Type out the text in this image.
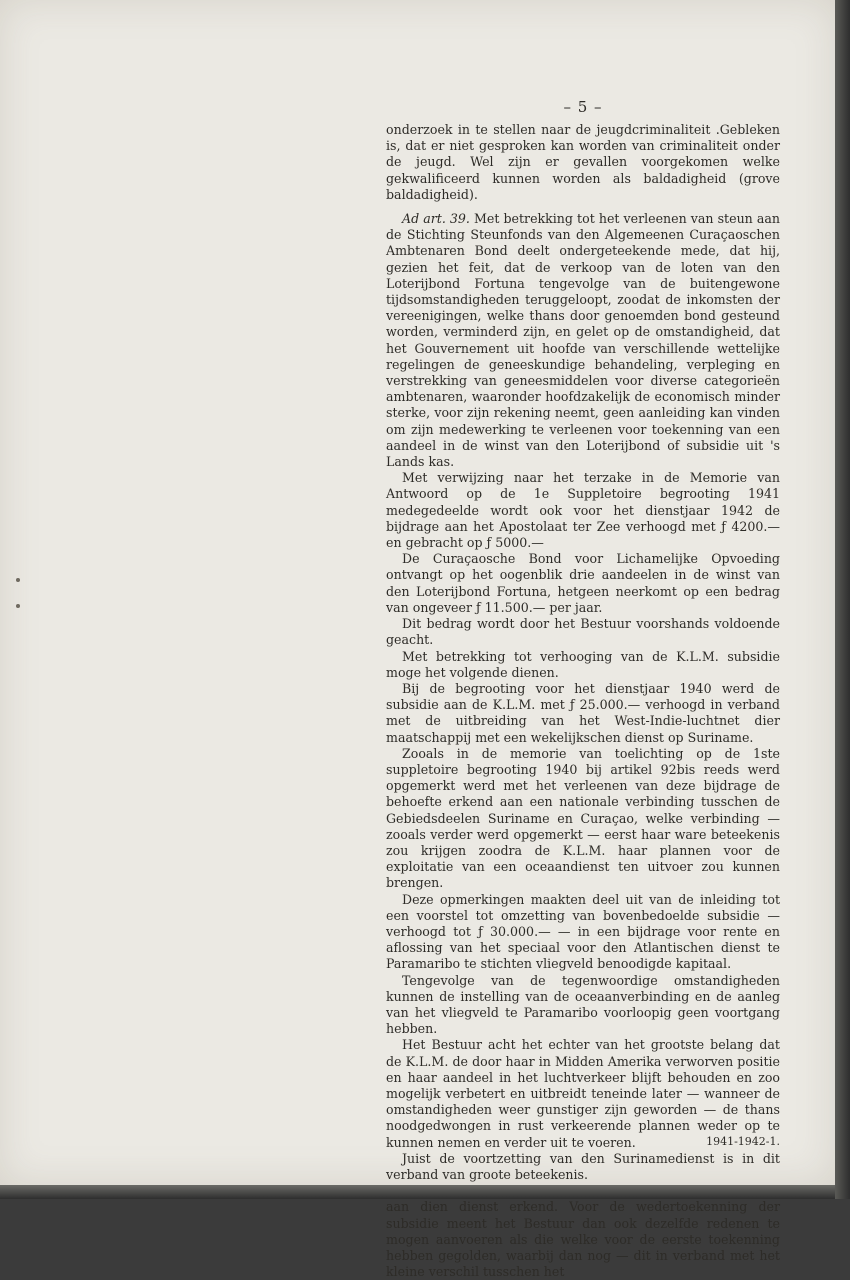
– 5 –

onderzoek in te stellen naar de jeugdcriminaliteit .Gebleken is, dat er niet gesproken kan worden van criminaliteit onder de jeugd. Wel zijn er gevallen voorgekomen welke gekwalificeerd kunnen worden als baldadigheid (grove baldadigheid).

Ad art. 39. Met betrekking tot het verleenen van steun aan de Stichting Steunfonds van den Algemeenen Curaçaoschen Ambtenaren Bond deelt ondergeteekende mede, dat hij, gezien het feit, dat de verkoop van de loten van den Loterijbond Fortuna tengevolge van de buitengewone tijdsomstandigheden teruggeloopt, zoodat de inkomsten der vereenigingen, welke thans door genoemden bond gesteund worden, verminderd zijn, en gelet op de omstandigheid, dat het Gouvernement uit hoofde van verschillende wettelijke regelingen de geneeskundige behandeling, verpleging en verstrekking van geneesmiddelen voor diverse categorieën ambtenaren, waaronder hoofdzakelijk de economisch minder sterke, voor zijn rekening neemt, geen aanleiding kan vinden om zijn medewerking te verleenen voor toekenning van een aandeel in de winst van den Loterijbond of subsidie uit 's Lands kas.

Met verwijzing naar het terzake in de Memorie van Antwoord op de 1e Suppletoire begrooting 1941 medegedeelde wordt ook voor het dienstjaar 1942 de bijdrage aan het Apostolaat ter Zee verhoogd met ƒ 4200.— en gebracht op ƒ 5000.—

De Curaçaosche Bond voor Lichamelijke Opvoeding ontvangt op het oogenblik drie aandeelen in de winst van den Loterijbond Fortuna, hetgeen neerkomt op een bedrag van ongeveer ƒ 11.500.— per jaar.

Dit bedrag wordt door het Bestuur voorshands voldoende geacht.

Met betrekking tot verhooging van de K.L.M. subsidie moge het volgende dienen.

Bij de begrooting voor het dienstjaar 1940 werd de subsidie aan de K.L.M. met ƒ 25.000.— verhoogd in verband met de uitbreiding van het West-Indie-luchtnet dier maatschappij met een wekelijkschen dienst op Suriname.

Zooals in de memorie van toelichting op de 1ste suppletoire begrooting 1940 bij artikel 92bis reeds werd opgemerkt werd met het verleenen van deze bijdrage de behoefte erkend aan een nationale verbinding tusschen de Gebiedsdeelen Suriname en Curaçao, welke verbinding — zooals verder werd opgemerkt — eerst haar ware beteekenis zou krijgen zoodra de K.L.M. haar plannen voor de exploitatie van een oceaandienst ten uitvoer zou kunnen brengen.

Deze opmerkingen maakten deel uit van de inleiding tot een voorstel tot omzetting van bovenbedoelde subsidie — verhoogd tot ƒ 30.000.— — in een bijdrage voor rente en aflossing van het speciaal voor den Atlantischen dienst te Paramaribo te stichten vliegveld benoodigde kapitaal.

Tengevolge van de tegenwoordige omstandigheden kunnen de instelling van de oceaanverbinding en de aanleg van het vliegveld te Paramaribo voorloopig geen voortgang hebben.

Het Bestuur acht het echter van het grootste belang dat de K.L.M. de door haar in Midden Amerika verworven positie en haar aandeel in het luchtverkeer blijft behouden en zoo mogelijk verbetert en uitbreidt teneinde later — wanneer de omstandigheden weer gunstiger zijn geworden — de thans noodgedwongen in rust verkeerende plannen weder op te kunnen nemen en verder uit te voeren.

Juist de voortzetting van den Surinamedienst is in dit verband van groote beteekenis.

aan dien dienst erkend. Voor de wedertoekenning der subsidie meent het Bestuur dan ook dezelfde redenen te mogen aanvoeren als die welke voor de eerste toekenning hebben gegolden, waarbij dan nog — dit in verband met het kleine verschil tusschen het

1941-1942-1.
